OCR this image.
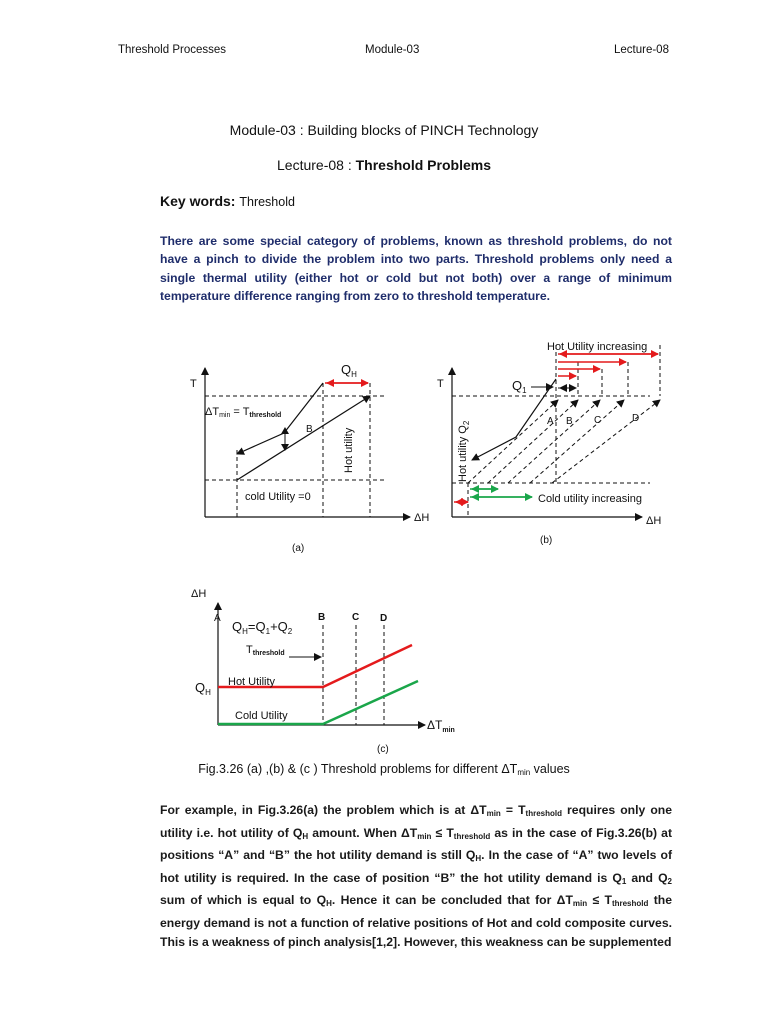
Threshold Processes	Module-03	Lecture-08
Module-03 : Building blocks of PINCH Technology
Lecture-08 : Threshold Problems
Key words: Threshold
There are some special category of problems, known as threshold problems, do not have a pinch to divide the problem into two parts. Threshold problems only need a single thermal utility (either hot or cold but not both) over a range of minimum temperature difference ranging from zero to threshold temperature.
T
$Q_H$
ΔTmin = Tthreshold
B	Hot utility
cold Utility =0
ΔH
(a)
T
Hot Utility increasing
$Q_1$
Hot utility $Q_2$	A B C	D
Cold utility increasing
ΔH
(b)
ΔH
A	B	C D
$Q_H=Q_1+Q_2$
Tthreshold
$Q_H$
Hot Utility
Cold Utility
$\Delta T_{min}$
(c)
Fig.3.26 (a) ,(b) & (c ) Threshold problems for different $\Delta T_{min}$ values
For example, in Fig.3.26(a) the problem which is at $\Delta T_{min} = T_{threshold}$ requires only one utility i.e. hot utility of $Q_H$ amount. When $\Delta T_{min} \le T_{threshold}$ as in the case of Fig.3.26(b) at positions “A” and “B” the hot utility demand is still $Q_H$. In the case of “A” two levels of hot utility is required. In the case of position “B” the hot utility demand is $Q_1$ and $Q_2$ sum of which is equal to $Q_H$. Hence it can be concluded that for $\Delta T_{min} \le T_{threshold}$ the energy demand is not a function of relative positions of Hot and cold composite curves. This is a weakness of pinch analysis[1,2]. However, this weakness can be supplemented
